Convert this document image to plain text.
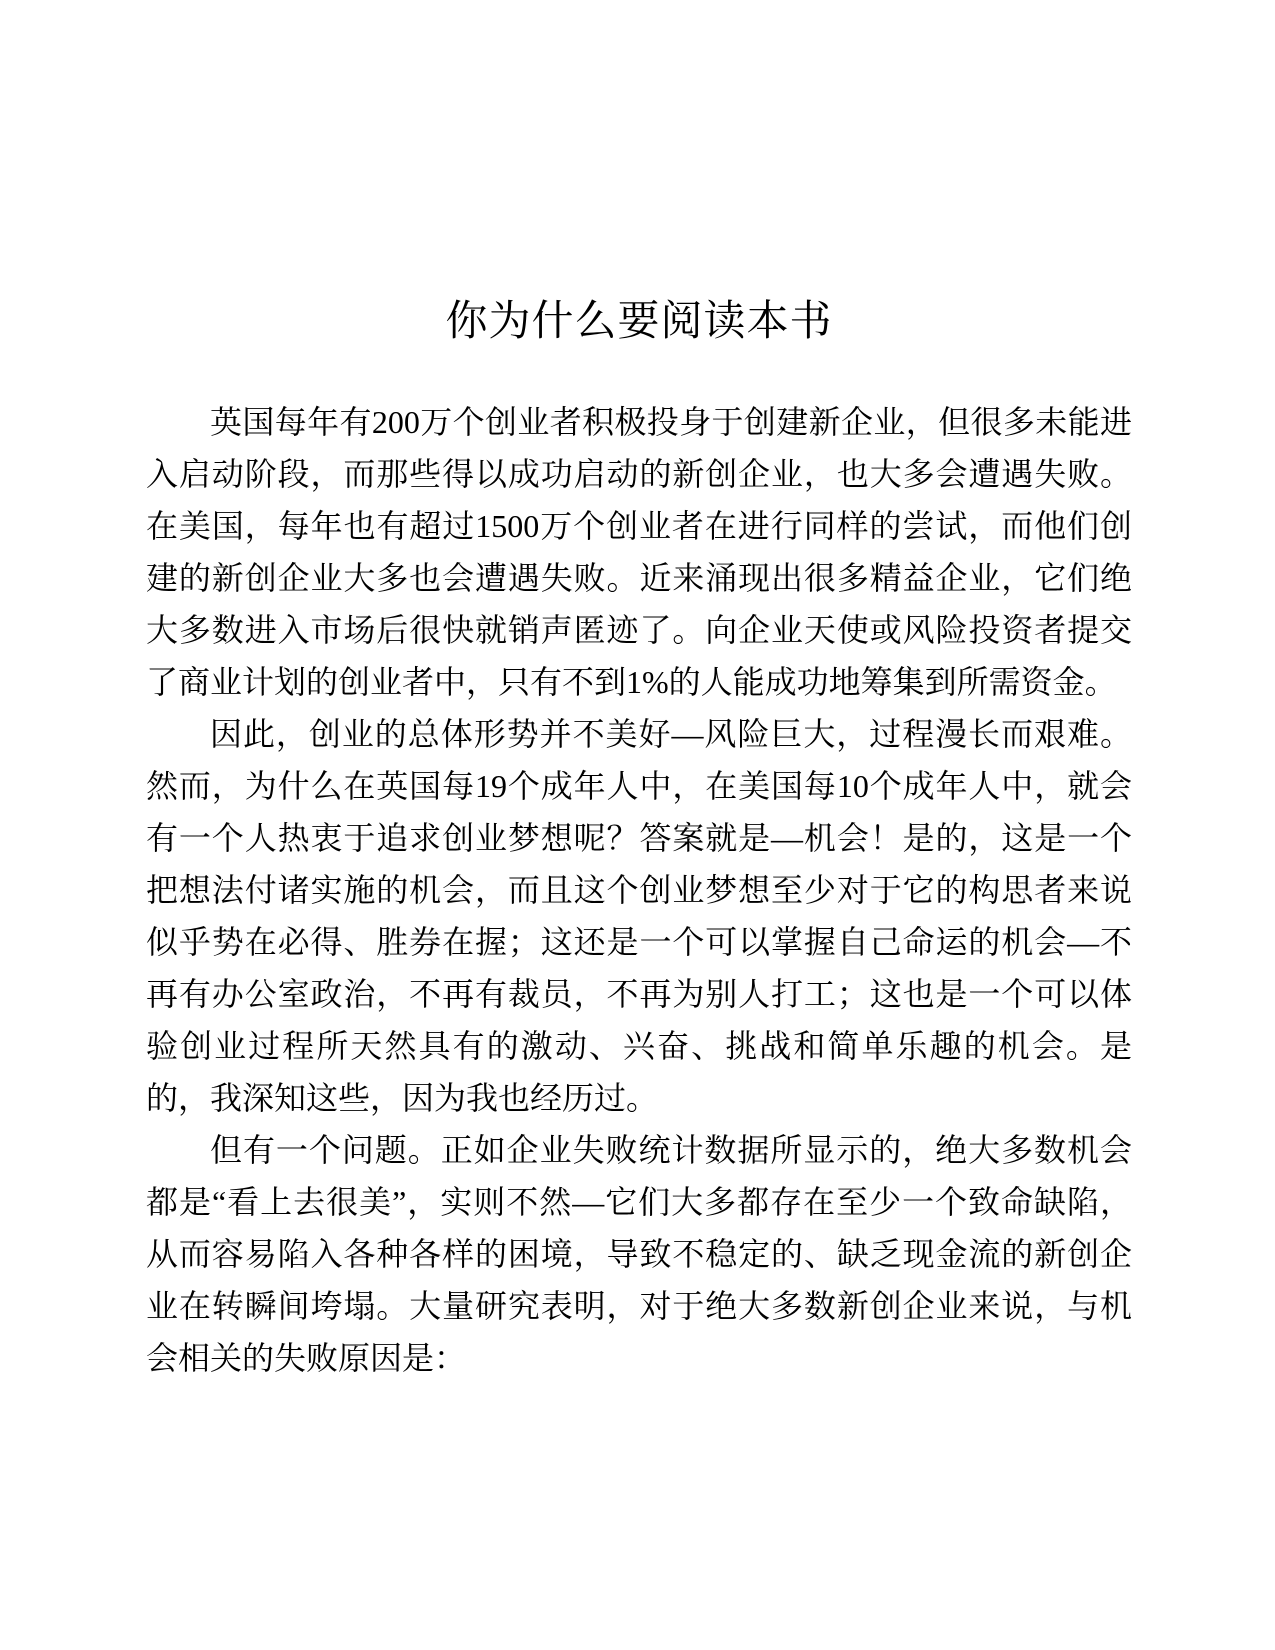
你为什么要阅读本书

英国每年有200万个创业者积极投身于创建新企业，但很多未能进入启动阶段，而那些得以成功启动的新创企业，也大多会遭遇失败。在美国，每年也有超过1500万个创业者在进行同样的尝试，而他们创建的新创企业大多也会遭遇失败。近来涌现出很多精益企业，它们绝大多数进入市场后很快就销声匿迹了。向企业天使或风险投资者提交了商业计划的创业者中，只有不到1%的人能成功地筹集到所需资金。

因此，创业的总体形势并不美好—风险巨大，过程漫长而艰难。然而，为什么在英国每19个成年人中，在美国每10个成年人中，就会有一个人热衷于追求创业梦想呢？答案就是—机会！是的，这是一个把想法付诸实施的机会，而且这个创业梦想至少对于它的构思者来说似乎势在必得、胜券在握；这还是一个可以掌握自己命运的机会—不再有办公室政治，不再有裁员，不再为别人打工；这也是一个可以体验创业过程所天然具有的激动、兴奋、挑战和简单乐趣的机会。是的，我深知这些，因为我也经历过。

但有一个问题。正如企业失败统计数据所显示的，绝大多数机会都是“看上去很美”，实则不然—它们大多都存在至少一个致命缺陷，从而容易陷入各种各样的困境，导致不稳定的、缺乏现金流的新创企业在转瞬间垮塌。大量研究表明，对于绝大多数新创企业来说，与机会相关的失败原因是：
